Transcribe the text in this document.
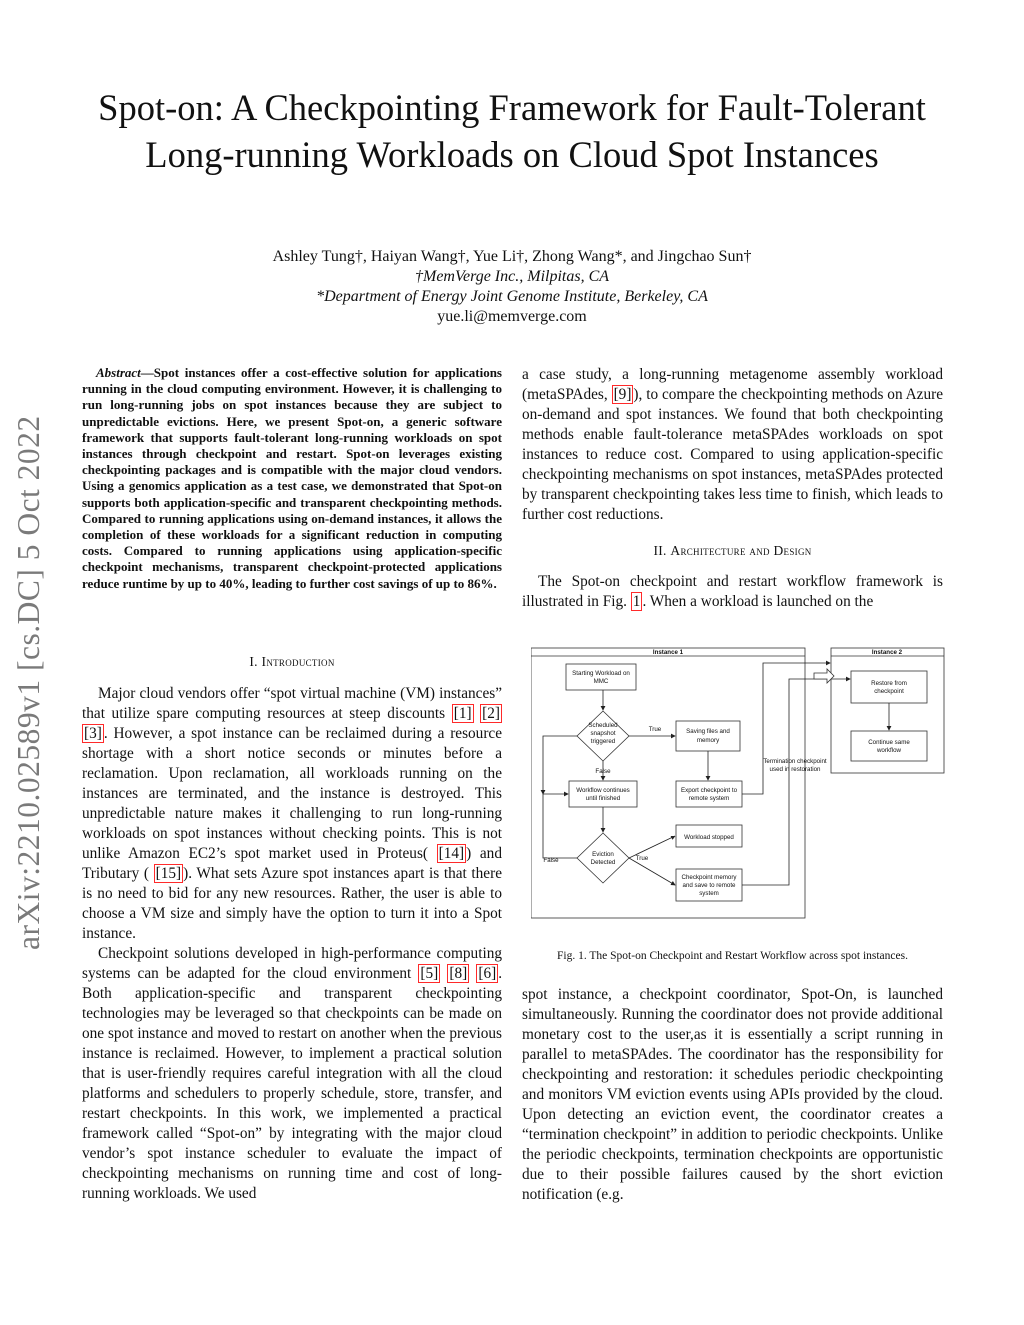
Spot-on: A Checkpointing Framework for Fault-Tolerant Long-running Workloads on Cloud Spot Instances
Ashley Tung†, Haiyan Wang†, Yue Li†, Zhong Wang*, and Jingchao Sun†
†MemVerge Inc., Milpitas, CA
*Department of Energy Joint Genome Institute, Berkeley, CA
yue.li@memverge.com
arXiv:2210.02589v1 [cs.DC] 5 Oct 2022
Abstract—Spot instances offer a cost-effective solution for applications running in the cloud computing environment. However, it is challenging to run long-running jobs on spot instances because they are subject to unpredictable evictions. Here, we present Spot-on, a generic software framework that supports fault-tolerant long-running workloads on spot instances through checkpoint and restart. Spot-on leverages existing checkpointing packages and is compatible with the major cloud vendors. Using a genomics application as a test case, we demonstrated that Spot-on supports both application-specific and transparent checkpointing methods. Compared to running applications using on-demand instances, it allows the completion of these workloads for a significant reduction in computing costs. Compared to running applications using application-specific checkpoint mechanisms, transparent checkpoint-protected applications reduce runtime by up to 40%, leading to further cost savings of up to 86%.
I. Introduction

Major cloud vendors offer “spot virtual machine (VM) instances” that utilize spare computing resources at steep discounts [1] [2] [3] . However, a spot instance can be reclaimed during a resource shortage with a short notice seconds or minutes before a reclamation. Upon reclamation, all workloads running on the instances are terminated, and the instance is destroyed. This unpredictable nature makes it challenging to run long-running workloads on spot instances without checking points. This is not unlike Amazon EC2’s spot market used in Proteus( [14] ) and Tributary ( [15] ). What sets Azure spot instances apart is that there is no need to bid for any new resources. Rather, the user is able to choose a VM size and simply have the option to turn it into a Spot instance.

Checkpoint solutions developed in high-performance computing systems can be adapted for the cloud environment [5] [8] [6] . Both application-specific and transparent checkpointing technologies may be leveraged so that checkpoints can be made on one spot instance and moved to restart on another when the previous instance is reclaimed. However, to implement a practical solution that is user-friendly requires careful integration with all the cloud platforms and schedulers to properly schedule, store, transfer, and restart checkpoints. In this work, we implemented a practical framework called “Spot-on” by integrating with the major cloud vendor’s spot instance scheduler to evaluate the impact of checkpointing mechanisms on running time and cost of long-running workloads. We used

a case study, a long-running metagenome assembly workload (metaSPAdes, [9] ), to compare the checkpointing methods on Azure on-demand and spot instances. We found that both checkpointing methods enable fault-tolerance metaSPAdes workloads on spot instances to reduce cost. Compared to using application-specific checkpointing mechanisms on spot instances, metaSPAdes protected by transparent checkpointing takes less time to finish, which leads to further cost reductions.
II. Architecture and Design
The Spot-on checkpoint and restart workflow framework is illustrated in Fig. 1 . When a workload is launched on the
Instance 1	Instance 2
Starting Workload on
MMC
Scheduled
snapshot
triggered
True
False
Saving files and
memory
Workflow continues
until finished
Export checkpoint to
remote system
Workload stopped
Eviction
Detected
True
False
Checkpoint memory
and save to remote
system
Termination checkpoint
used in restoration
Restore from
checkpoint
Continue same
workflow
Fig. 1. The Spot-on Checkpoint and Restart Workflow across spot instances.
spot instance, a checkpoint coordinator, Spot-On, is launched simultaneously. Running the coordinator does not provide additional monetary cost to the user,as it is essentially a script running in parallel to metaSPAdes. The coordinator has the responsibility for checkpointing and restoration: it schedules periodic checkpointing and monitors VM eviction events using APIs provided by the cloud. Upon detecting an eviction event, the coordinator creates a “termination checkpoint” in addition to periodic checkpoints. Unlike the periodic checkpoints, termination checkpoints are opportunistic due to their possible failures caused by the short eviction notification (e.g.
